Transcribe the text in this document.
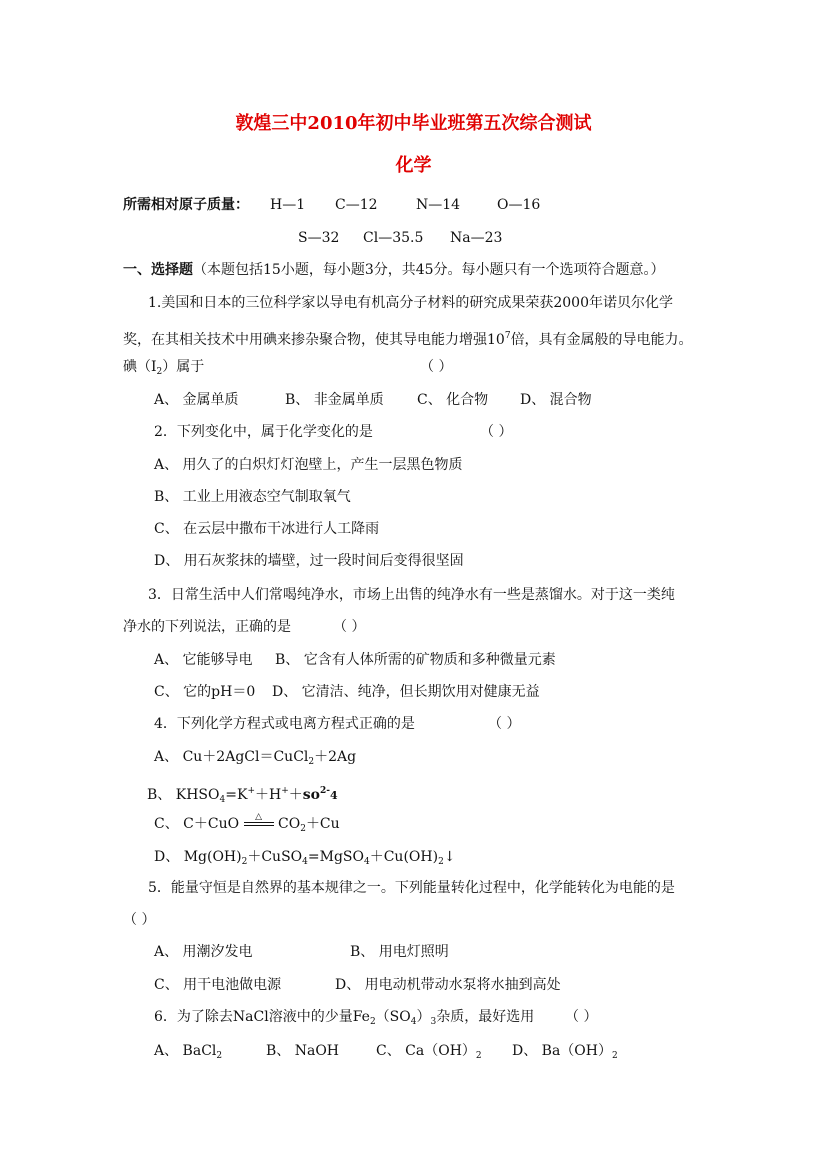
敦煌三中2010年初中毕业班第五次综合测试
化学
所需相对原子质量： H—1 C—12	N—14	O—16
S—32 Cl—35.5 Na—23
一、选择题（本题包括15小题，每小题3分，共45分。每小题只有一个选项符合题意。）
1.美国和日本的三位科学家以导电有机高分子材料的研究成果荣获2000年诺贝尔化学
奖，在其相关技术中用碘来掺杂聚合物，使其导电能力增强$10^7$倍，具有金属般的导电能力。
碘$(I_2)$属于	（ ）
A、 金属单质	B、 非金属单质 C、 化合物 D、 混合物
2．下列变化中，属于化学变化的是	（ ）
A、 用久了的白炽灯灯泡壁上，产生一层黑色物质
B、 工业上用液态空气制取氧气
C、 在云层中撒布干冰进行人工降雨
D、 用石灰浆抹的墙壁，过一段时间后变得很坚固
3．日常生活中人们常喝纯净水，市场上出售的纯净水有一些是蒸馏水。对于这一类纯
净水的下列说法，正确的是	（ ）
A、 它能够导电 B、 它含有人体所需的矿物质和多种微量元素
C、 它的pH＝0 D、 它清洁、纯净，但长期饮用对健康无益
4．下列化学方程式或电离方程式正确的是	（ ）
A、 Cu＋2AgCl＝CuCl$_2$＋2Ag
B、 $KHSO_4=K^++H^++so^{2-}4$
C、 C＋CuO	△	$CO_2+Cu$
D、 $Mg(OH)_2+CuSO_4=MgSO_4+Cu(OH)_2↓$
5．能量守恒是自然界的基本规律之一。下列能量转化过程中，化学能转化为电能的是
（ ）
A、 用潮汐发电	B、 用电灯照明
C、 用干电池做电源	D、 用电动机带动水泵将水抽到高处
6．为了除去NaCl溶液中的少量$Fe_2(SO_4)_3$杂质，最好选用 （ ）
A、 BaCl$_2$	B、 NaOH	C、 $Ca(OH)_2$ D、 $Ba(OH)_2$
